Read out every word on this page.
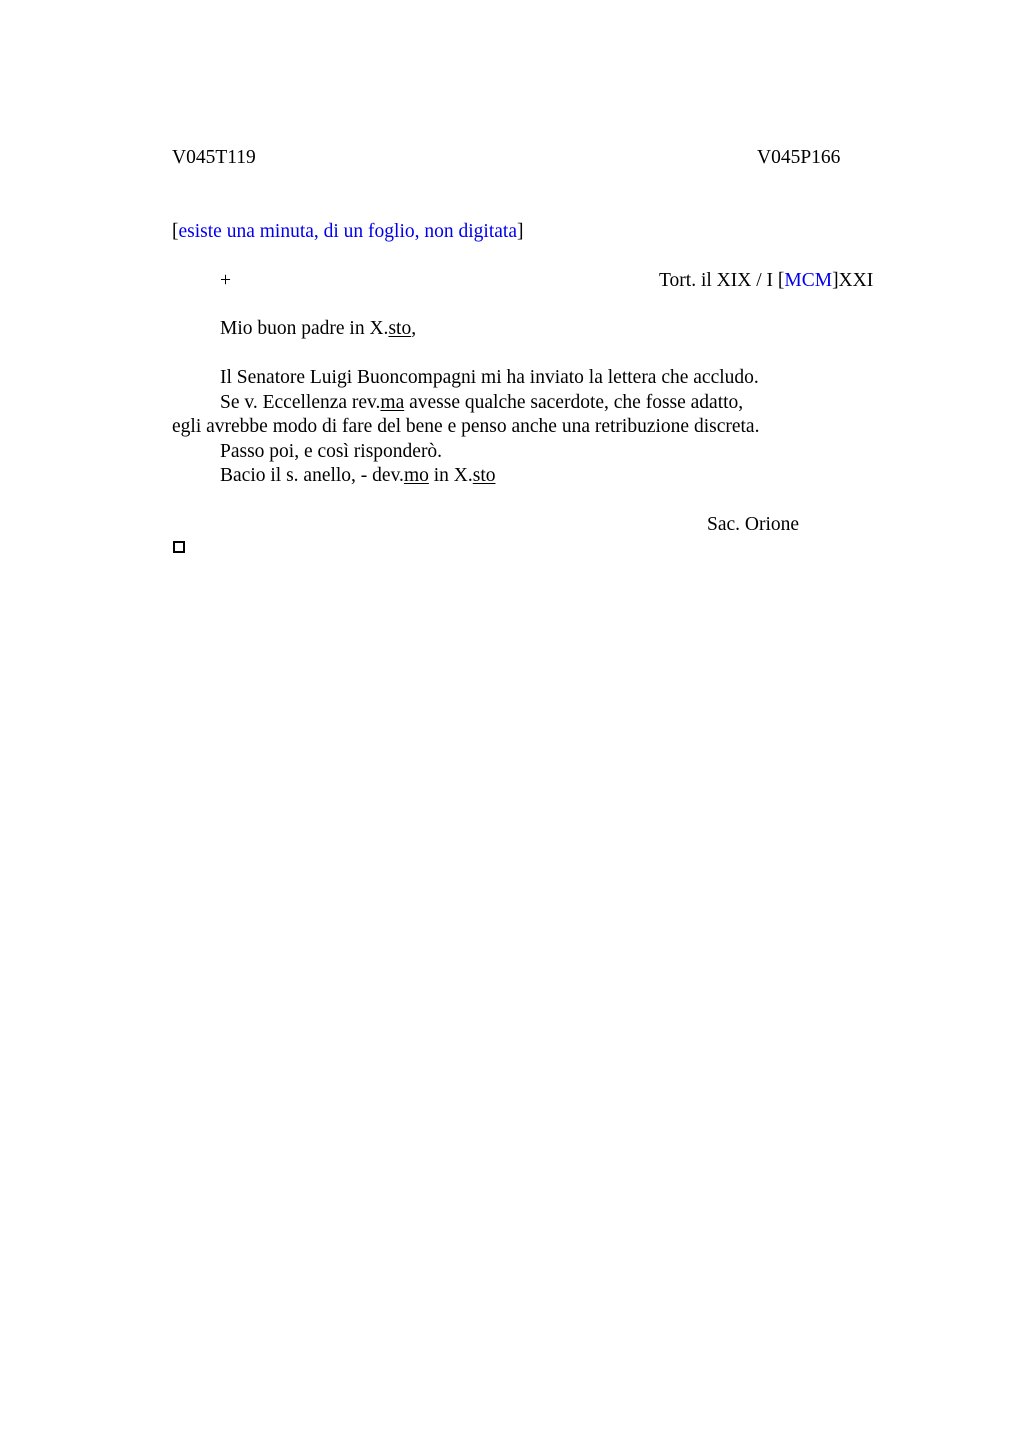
V045T119	V045P166
[esiste una minuta, di un foglio, non digitata]
+	Tort. il XIX / I [MCM]XXI
Mio buon padre in X.sto,
Il Senatore Luigi Buoncompagni mi ha inviato la lettera che accludo.
Se v. Eccellenza rev.ma avesse qualche sacerdote, che fosse adatto,
egli avrebbe modo di fare del bene e penso anche una retribuzione discreta.
Passo poi, e così risponderò.
Bacio il s. anello, - dev.mo in X.sto
Sac. Orione
